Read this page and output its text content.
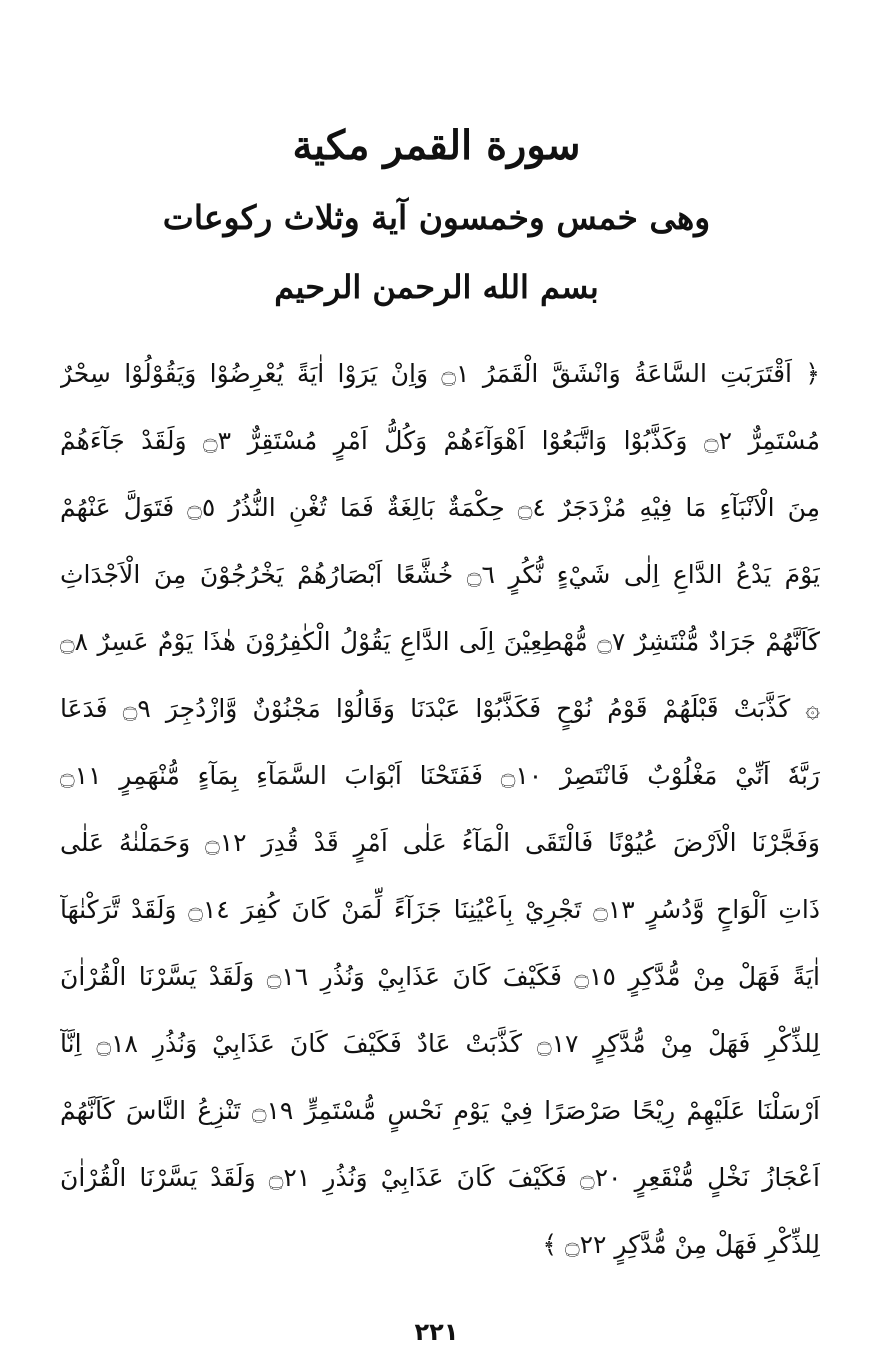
سورة القمر مكية
وهى خمس وخمسون آية وثلاث ركوعات
بسم الله الرحمن الرحيم
﴿ اَقْتَرَبَتِ السَّاعَةُ وَانْشَقَّ الْقَمَرُ ۝١ وَاِنْ يَرَوْا اٰيَةً يُعْرِضُوْا وَيَقُوْلُوْا سِحْرٌ
مُسْتَمِرٌّ ۝٢ وَكَذَّبُوْا وَاتَّبَعُوْا اَهْوَآءَهُمْ وَكُلُّ اَمْرٍ مُسْتَقِرٌّ ۝٣ وَلَقَدْ جَآءَهُمْ
مِنَ الْاَنْبَآءِ مَا فِيْهِ مُزْدَجَرٌ ۝٤ حِكْمَةٌ بَالِغَةٌ فَمَا تُغْنِ النُّذُرُ ۝٥ فَتَوَلَّ عَنْهُمْ
يَوْمَ يَدْعُ الدَّاعِ اِلٰى شَيْءٍ نُّكُرٍ ۝٦ خُشَّعًا اَبْصَارُهُمْ يَخْرُجُوْنَ مِنَ الْاَجْدَاثِ
كَاَنَّهُمْ جَرَادٌ مُّنْتَشِرٌ ۝٧ مُّهْطِعِيْنَ اِلَى الدَّاعِ يَقُوْلُ الْكٰفِرُوْنَ هٰذَا يَوْمٌ عَسِرٌ ۝٨
۞ كَذَّبَتْ قَبْلَهُمْ قَوْمُ نُوْحٍ فَكَذَّبُوْا عَبْدَنَا وَقَالُوْا مَجْنُوْنٌ وَّازْدُجِرَ ۝٩ فَدَعَا
رَبَّهٗ اَنِّيْ مَغْلُوْبٌ فَانْتَصِرْ ۝١٠ فَفَتَحْنَا اَبْوَابَ السَّمَآءِ بِمَآءٍ مُّنْهَمِرٍ ۝١١
وَفَجَّرْنَا الْاَرْضَ عُيُوْنًا فَالْتَقَى الْمَآءُ عَلٰى اَمْرٍ قَدْ قُدِرَ ۝١٢ وَحَمَلْنٰهُ عَلٰى
ذَاتِ اَلْوَاحٍ وَّدُسُرٍ ۝١٣ تَجْرِيْ بِاَعْيُنِنَا جَزَآءً لِّمَنْ كَانَ كُفِرَ ۝١٤ وَلَقَدْ تَّرَكْنٰهَآ
اٰيَةً فَهَلْ مِنْ مُّدَّكِرٍ ۝١٥ فَكَيْفَ كَانَ عَذَابِيْ وَنُذُرِ ۝١٦ وَلَقَدْ يَسَّرْنَا الْقُرْاٰنَ
لِلذِّكْرِ فَهَلْ مِنْ مُّدَّكِرٍ ۝١٧ كَذَّبَتْ عَادٌ فَكَيْفَ كَانَ عَذَابِيْ وَنُذُرِ ۝١٨ اِنَّآ
اَرْسَلْنَا عَلَيْهِمْ رِيْحًا صَرْصَرًا فِيْ يَوْمِ نَحْسٍ مُّسْتَمِرٍّ ۝١٩ تَنْزِعُ النَّاسَ كَاَنَّهُمْ
اَعْجَازُ نَخْلٍ مُّنْقَعِرٍ ۝٢٠ فَكَيْفَ كَانَ عَذَابِيْ وَنُذُرِ ۝٢١ وَلَقَدْ يَسَّرْنَا الْقُرْاٰنَ
لِلذِّكْرِ فَهَلْ مِنْ مُّدَّكِرٍ ۝٢٢ ﴾
٢٢١
